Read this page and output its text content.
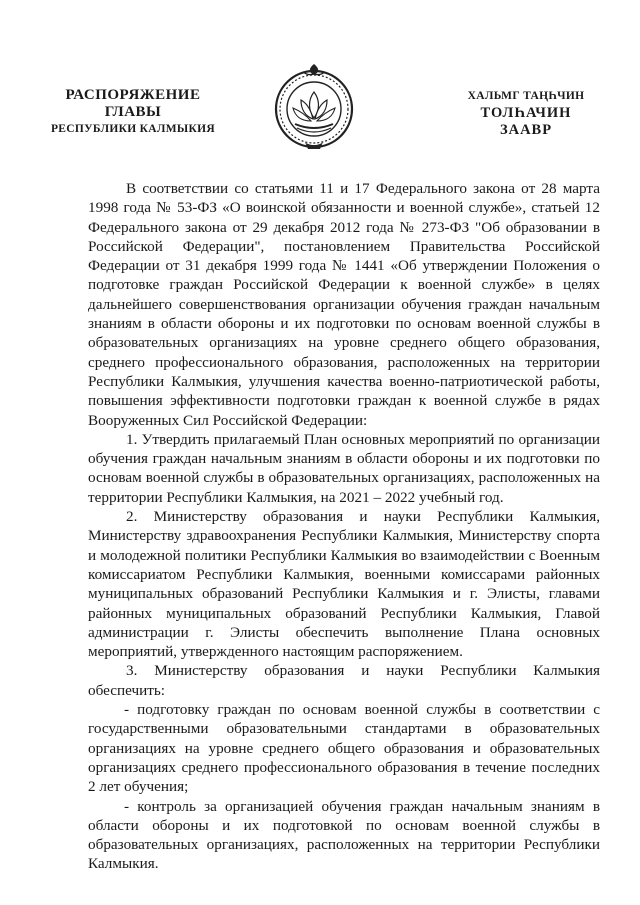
РАСПОРЯЖЕНИЕ
ГЛАВЫ
РЕСПУБЛИКИ КАЛМЫКИЯ
ХАЛЬМГ ТАҢҺЧИН
ТОЛҺАЧИН
ЗААВР

В соответствии со статьями 11 и 17 Федерального закона от 28 марта 1998 года № 53-ФЗ «О воинской обязанности и военной службе», статьей 12 Федерального закона от 29 декабря 2012 года № 273-ФЗ "Об образовании в Российской Федерации", постановлением Правительства Российской Федерации от 31 декабря 1999 года № 1441 «Об утверждении Положения о подготовке граждан Российской Федерации к военной службе» в целях дальнейшего совершенствования организации обучения граждан начальным знаниям в области обороны и их подготовки по основам военной службы в образовательных организациях на уровне среднего общего образования, среднего профессионального образования, расположенных на территории Республики Калмыкия, улучшения качества военно-патриотической работы, повышения эффективности подготовки граждан к военной службе в рядах Вооруженных Сил Российской Федерации:

1. Утвердить прилагаемый План основных мероприятий по организации обучения граждан начальным знаниям в области обороны и их подготовки по основам военной службы в образовательных организациях, расположенных на территории Республики Калмыкия, на 2021 – 2022 учебный год.

2. Министерству образования и науки Республики Калмыкия, Министерству здравоохранения Республики Калмыкия, Министерству спорта и молодежной политики Республики Калмыкия во взаимодействии с Военным комиссариатом Республики Калмыкия, военными комиссарами районных муниципальных образований Республики Калмыкия и г. Элисты, главами районных муниципальных образований Республики Калмыкия, Главой администрации г. Элисты обеспечить выполнение Плана основных мероприятий, утвержденного настоящим распоряжением.

3. Министерству образования и науки Республики Калмыкия обеспечить:

- подготовку граждан по основам военной службы в соответствии с государственными образовательными стандартами в образовательных организациях на уровне среднего общего образования и образовательных организациях среднего профессионального образования в течение последних 2 лет обучения;

- контроль за организацией обучения граждан начальным знаниям в области обороны и их подготовкой по основам военной службы в образовательных организациях, расположенных на территории Республики Калмыкия.
